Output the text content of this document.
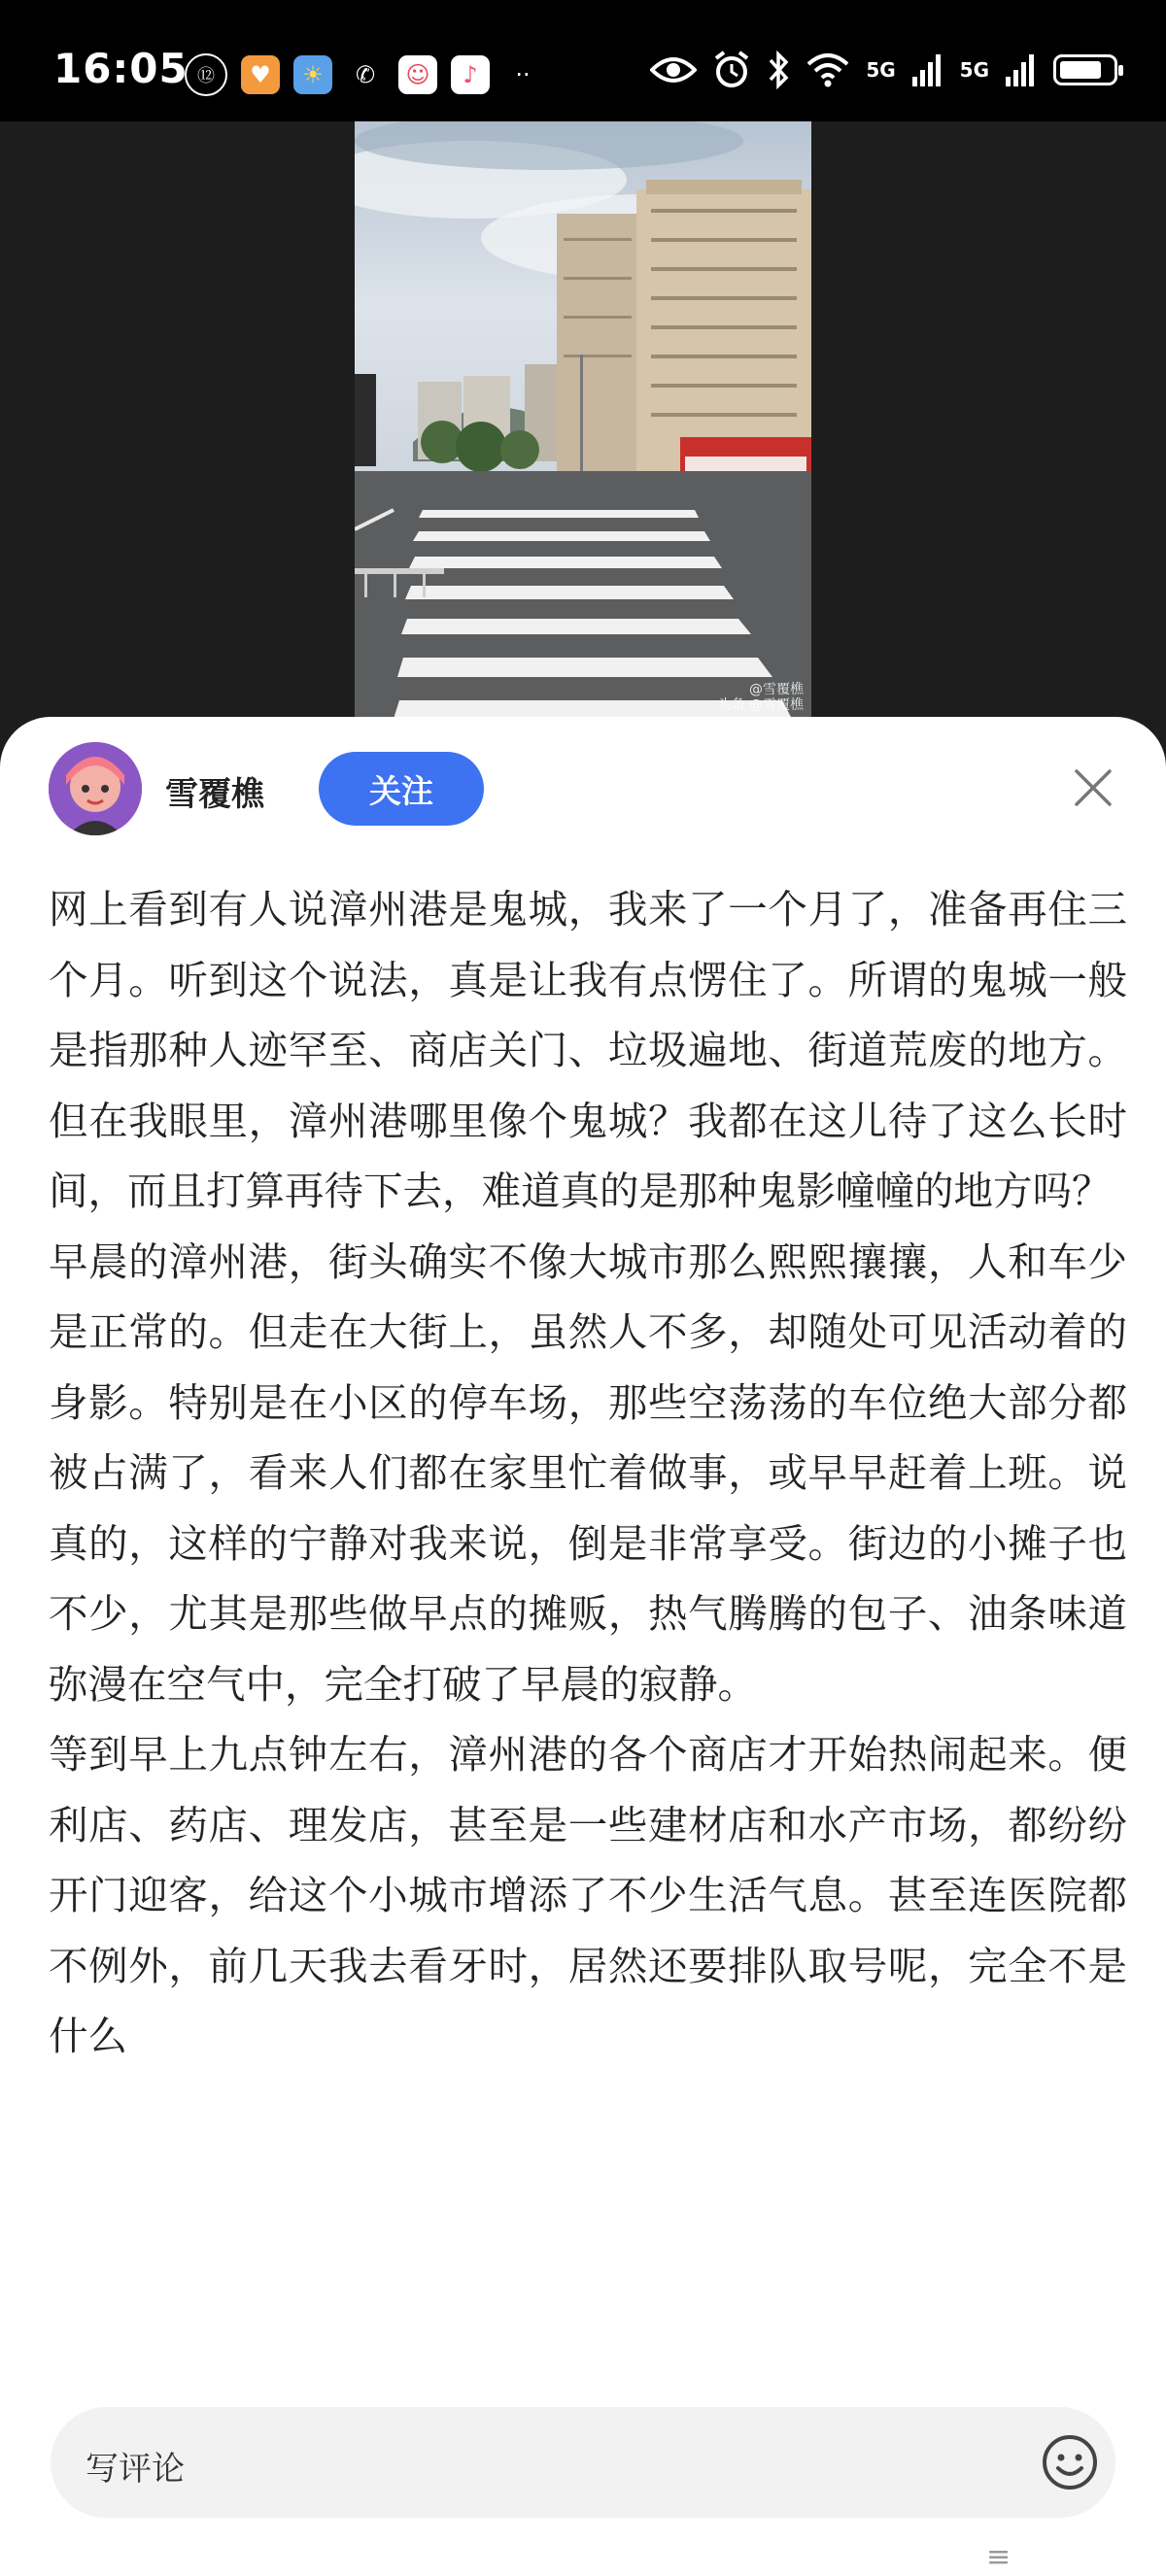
16:05 ⑫	♥	☀	✆	☺	♪	··	5G	5G
@雪覆樵
头条 @雪覆樵
雪覆樵	关注

网上看到有人说漳州港是鬼城，我来了一个月了，准备再住三个月。听到这个说法，真是让我有点愣住了。所谓的鬼城一般是指那种人迹罕至、商店关门、垃圾遍地、街道荒废的地方。但在我眼里，漳州港哪里像个鬼城？我都在这儿待了这么长时间，而且打算再待下去，难道真的是那种鬼影幢幢的地方吗？

早晨的漳州港，街头确实不像大城市那么熙熙攘攘，人和车少是正常的。但走在大街上，虽然人不多，却随处可见活动着的身影。特别是在小区的停车场，那些空荡荡的车位绝大部分都被占满了，看来人们都在家里忙着做事，或早早赶着上班。说真的，这样的宁静对我来说，倒是非常享受。街边的小摊子也不少，尤其是那些做早点的摊贩，热气腾腾的包子、油条味道弥漫在空气中，完全打破了早晨的寂静。

等到早上九点钟左右，漳州港的各个商店才开始热闹起来。便利店、药店、理发店，甚至是一些建材店和水产市场，都纷纷开门迎客，给这个小城市增添了不少生活气息。甚至连医院都不例外，前几天我去看牙时，居然还要排队取号呢，完全不是什么

写评论
≡
